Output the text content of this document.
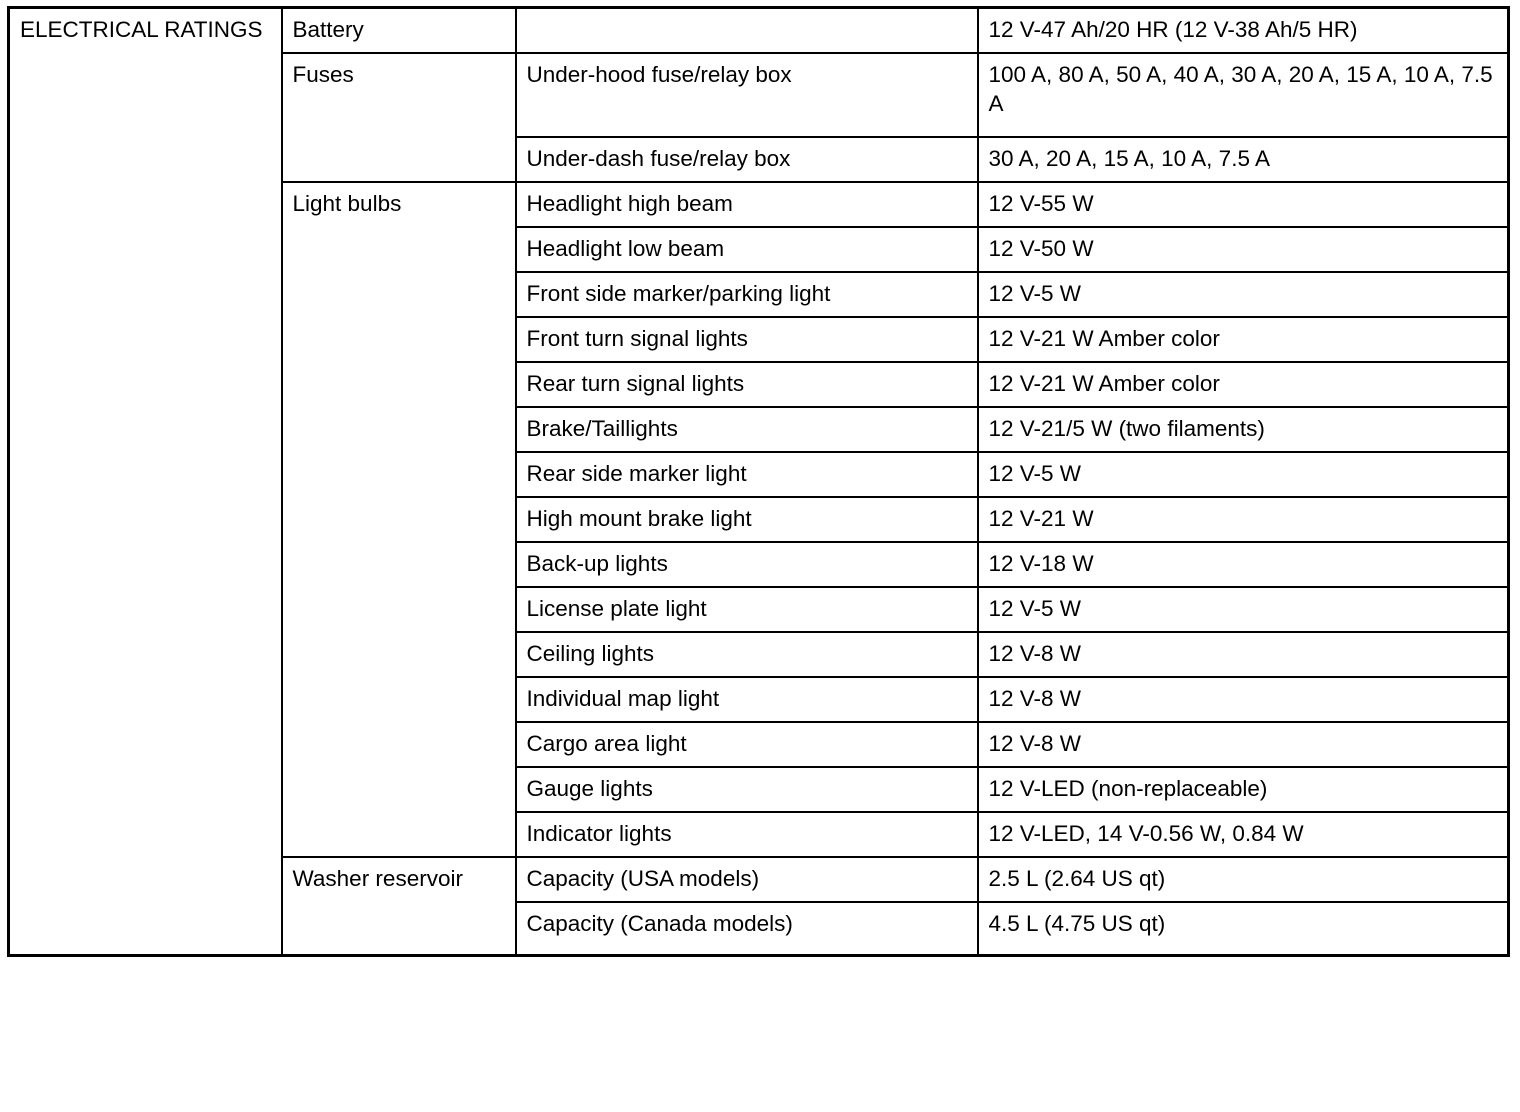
ELECTRICAL RATINGS	Battery		12 V-47 Ah/20 HR (12 V-38 Ah/5 HR)
	Fuses	Under-hood fuse/relay box	100 A, 80 A, 50 A, 40 A, 30 A, 20 A, 15 A, 10 A, 7.5 A
		Under-dash fuse/relay box	30 A, 20 A, 15 A, 10 A, 7.5 A
	Light bulbs	Headlight high beam	12 V-55 W
		Headlight low beam	12 V-50 W
		Front side marker/parking light	12 V-5 W
		Front turn signal lights	12 V-21 W Amber color
		Rear turn signal lights	12 V-21 W Amber color
		Brake/Taillights	12 V-21/5 W (two filaments)
		Rear side marker light	12 V-5 W
		High mount brake light	12 V-21 W
		Back-up lights	12 V-18 W
		License plate light	12 V-5 W
		Ceiling lights	12 V-8 W
		Individual map light	12 V-8 W
		Cargo area light	12 V-8 W
		Gauge lights	12 V-LED (non-replaceable)
		Indicator lights	12 V-LED, 14 V-0.56 W, 0.84 W
	Washer reservoir	Capacity (USA models)	2.5 L (2.64 US qt)
		Capacity (Canada models)	4.5 L (4.75 US qt)
